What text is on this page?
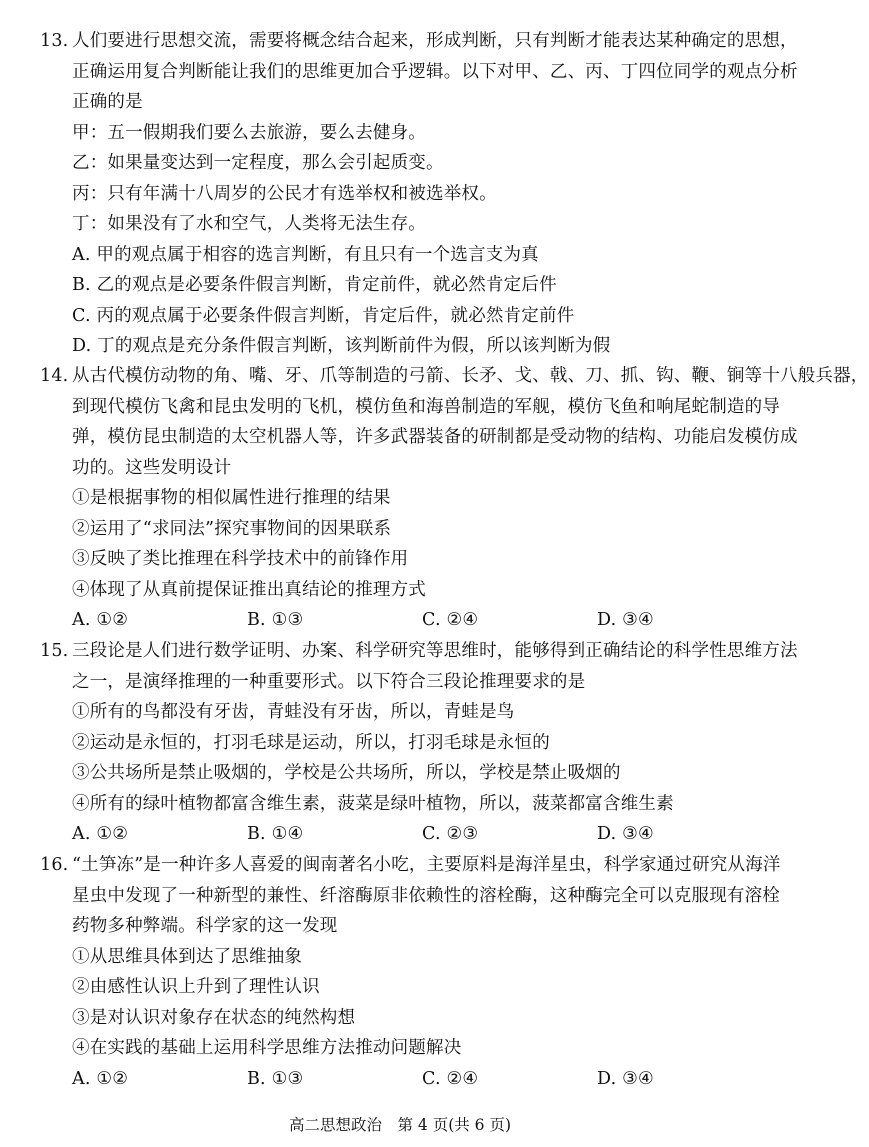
13. 人们要进行思想交流，需要将概念结合起来，形成判断，只有判断才能表达某种确定的思想，
正确运用复合判断能让我们的思维更加合乎逻辑。以下对甲、乙、丙、丁四位同学的观点分析
正确的是
甲：五一假期我们要么去旅游，要么去健身。
乙：如果量变达到一定程度，那么会引起质变。
丙：只有年满十八周岁的公民才有选举权和被选举权。
丁：如果没有了水和空气，人类将无法生存。
A. 甲的观点属于相容的选言判断，有且只有一个选言支为真
B. 乙的观点是必要条件假言判断，肯定前件，就必然肯定后件
C. 丙的观点属于必要条件假言判断，肯定后件，就必然肯定前件
D. 丁的观点是充分条件假言判断，该判断前件为假，所以该判断为假
14. 从古代模仿动物的角、嘴、牙、爪等制造的弓箭、长矛、戈、戟、刀、抓、钩、鞭、锏等十八般兵器，
到现代模仿飞禽和昆虫发明的飞机，模仿鱼和海兽制造的军舰，模仿飞鱼和响尾蛇制造的导
弹，模仿昆虫制造的太空机器人等，许多武器装备的研制都是受动物的结构、功能启发模仿成
功的。这些发明设计
①是根据事物的相似属性进行推理的结果
②运用了“求同法”探究事物间的因果联系
③反映了类比推理在科学技术中的前锋作用
④体现了从真前提保证推出真结论的推理方式
A. ①②	B. ①③	C. ②④	D. ③④
15. 三段论是人们进行数学证明、办案、科学研究等思维时，能够得到正确结论的科学性思维方法
之一，是演绎推理的一种重要形式。以下符合三段论推理要求的是
①所有的鸟都没有牙齿，青蛙没有牙齿，所以，青蛙是鸟
②运动是永恒的，打羽毛球是运动，所以，打羽毛球是永恒的
③公共场所是禁止吸烟的，学校是公共场所，所以，学校是禁止吸烟的
④所有的绿叶植物都富含维生素，菠菜是绿叶植物，所以，菠菜都富含维生素
A. ①②	B. ①④	C. ②③	D. ③④
16. “土笋冻”是一种许多人喜爱的闽南著名小吃，主要原料是海洋星虫，科学家通过研究从海洋
星虫中发现了一种新型的兼性、纤溶酶原非依赖性的溶栓酶，这种酶完全可以克服现有溶栓
药物多种弊端。科学家的这一发现
①从思维具体到达了思维抽象
②由感性认识上升到了理性认识
③是对认识对象存在状态的纯然构想
④在实践的基础上运用科学思维方法推动问题解决
A. ①②	B. ①③	C. ②④	D. ③④
高二思想政治　第 4 页(共 6 页)
